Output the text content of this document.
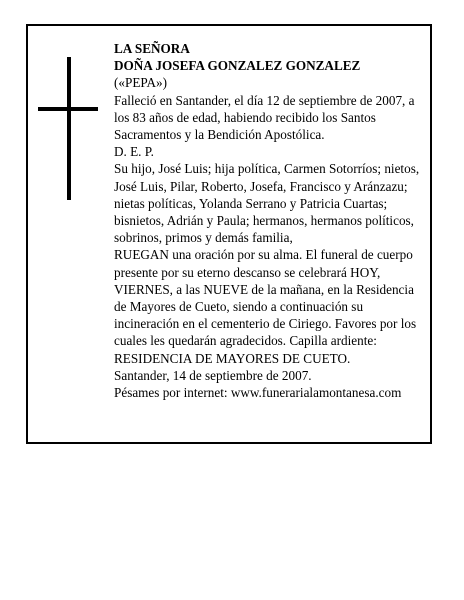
LA SEÑORA

DOÑA JOSEFA GONZALEZ GONZALEZ

(«PEPA»)

Falleció en Santander, el día 12 de septiembre de 2007, a los 83 años de edad, habiendo recibido los Santos Sacramentos y la Bendición Apostólica.

D. E. P.

Su hijo, José Luis; hija política, Carmen Sotorríos; nietos, José Luis, Pilar, Roberto, Josefa, Francisco y Aránzazu; nietas políticas, Yolanda Serrano y Patricia Cuartas; bisnietos, Adrián y Paula; hermanos, hermanos políticos, sobrinos, primos y demás familia,

RUEGAN una oración por su alma. El funeral de cuerpo presente por su eterno descanso se celebrará HOY, VIERNES, a las NUEVE de la mañana, en la Residencia de Mayores de Cueto, siendo a continuación su incineración en el cementerio de Ciriego. Favores por los cuales les quedarán agradecidos. Capilla ardiente: RESIDENCIA DE MAYORES DE CUETO.

Santander, 14 de septiembre de 2007.

Pésames por internet: www.funerarialamontanesa.com
